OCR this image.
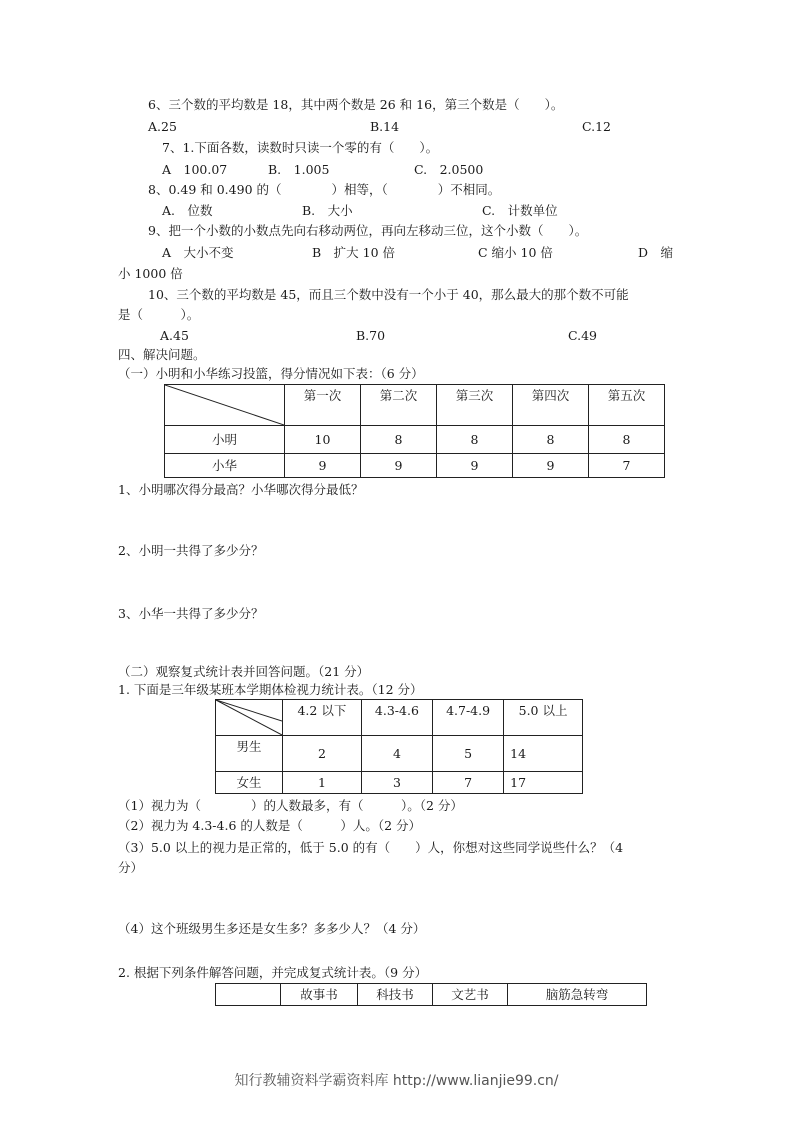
6、三个数的平均数是 18，其中两个数是 26 和 16，第三个数是（　　）。
A.25	B.14	C.12
7、1.下面各数，读数时只读一个零的有（　　）。
A　100.07	B.　1.005	C.　2.0500
8、0.49 和 0.490 的（　　　　）相等，（　　　　）不相同。
A.　位数	B.　大小	C.　计数单位
9、把一个小数的小数点先向右移动两位，再向左移动三位，这个小数（　　）。
A　大小不变	B　扩大 10 倍	C 缩小 10 倍	D　缩
小 1000 倍
10、三个数的平均数是 45，而且三个数中没有一个小于 40，那么最大的那个数不可能
是（　　　）。
A.45	B.70	C.49
四、解决问题。
（一）小明和小华练习投篮，得分情况如下表：（6 分）
	第一次	第二次	第三次	第四次	第五次
小明	10	8	8	8	8
小华	9	9	9	9	7
1、小明哪次得分最高？小华哪次得分最低？
2、小明一共得了多少分？
3、小华一共得了多少分？
（二）观察复式统计表并回答问题。（21 分）
1. 下面是三年级某班本学期体检视力统计表。（12 分）
	4.2 以下	4.3-4.6	4.7-4.9	5.0 以上
男生	2	4	5	14
女生	1	3	7	17
（1）视力为（　　　　）的人数最多，有（　　　）。（2 分）
（2）视力为 4.3-4.6 的人数是（　　　）人。（2 分）
（3）5.0 以上的视力是正常的，低于 5.0 的有（　　）人，你想对这些同学说些什么？（4
分）
（4）这个班级男生多还是女生多？多多少人？（4 分）
2. 根据下列条件解答问题，并完成复式统计表。（9 分）
	故事书	科技书	文艺书	脑筋急转弯
知行教辅资料学霸资料库 http://www.lianjie99.cn/
